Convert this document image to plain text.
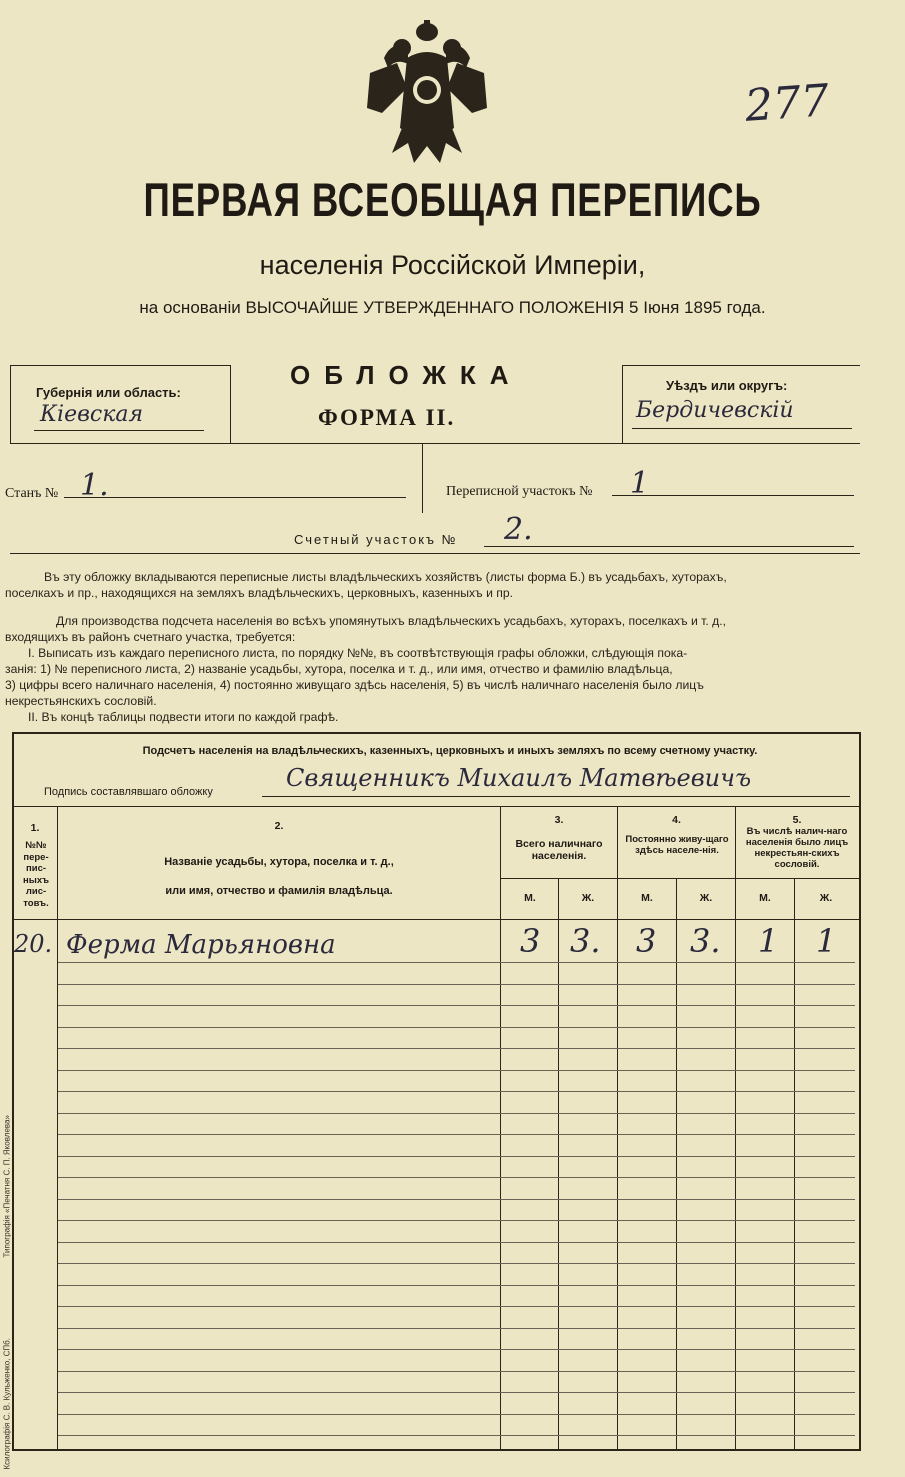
277
ПЕРВАЯ ВСЕОБЩАЯ ПЕРЕПИСЬ
населенія Россійской Имперіи,
на основаніи ВЫСОЧАЙШЕ УТВЕРЖДЕННАГО ПОЛОЖЕНІЯ 5 Іюня 1895 года.
Губернія или область:
Кіевская
ОБЛОЖКА
ФОРМА II.
Уѣздъ или округъ:
Бердичевскій
Станъ № 1.	Переписной участокъ № 1
Счетный участокъ № 2.
Въ эту обложку вкладываются переписные листы владѣльческихъ хозяйствъ (листы форма Б.) въ усадьбахъ, хуторахъ,
поселкахъ и пр., находящихся на земляхъ владѣльческихъ, церковныхъ, казенныхъ и пр.
Для производства подсчета населенія во всѣхъ упомянутыхъ владѣльческихъ усадьбахъ, хуторахъ, поселкахъ и т. д.,
входящихъ въ районъ счетнаго участка, требуется:
I. Выписать изъ каждаго переписного листа, по порядку №№, въ соотвѣтствующія графы обложки, слѣдующія пока-
занія: 1) № переписного листа, 2) названіе усадьбы, хутора, поселка и т. д., или имя, отчество и фамилію владѣльца,
3) цифры всего наличнаго населенія, 4) постоянно живущаго здѣсь населенія, 5) въ числѣ наличнаго населенія было лицъ
некрестьянскихъ сословій.
II. Въ концѣ таблицы подвести итоги по каждой графѣ.
Подсчетъ населенія на владѣльческихъ, казенныхъ, церковныхъ и иныхъ земляхъ по всему счетному участку.
Подпись составлявшаго обложку	Священникъ Михаилъ Матвѣевичъ
1.
№№ пере-пис-ныхъ лис-товъ.
2.
Названіе усадьбы, хутора, поселка и т. д.,
или имя, отчество и фамилія владѣльца.
3.
Всего наличнаго населенія.
4.
Постоянно живу-щаго здѣсь населе-нія.
5.
Въ числѣ налич-наго населенія было лицъ некрестьян-скихъ сословій.
М.	Ж.	М.	Ж.	М.	Ж.
20. Ферма Марьяновна	3 3. 3 3. 1 1
Типографія «Печатня С. П. Яковлева»
Ксилографія С. В. Кульженко, СПб.
